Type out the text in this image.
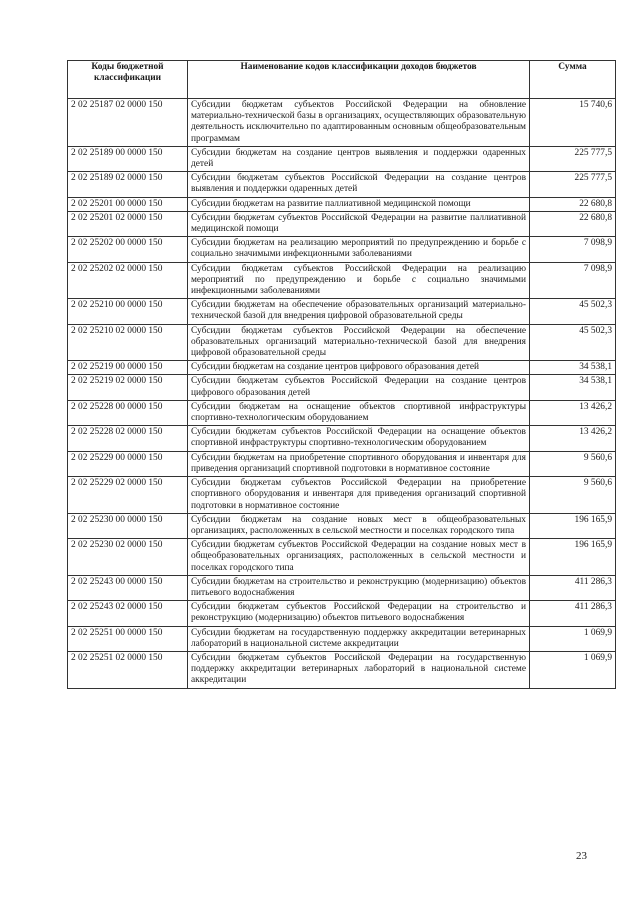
Коды бюджетной классификации	Наименование кодов классификации доходов бюджетов	Сумма
2 02 25187 02 0000 150	Субсидии бюджетам субъектов Российской Федерации на обновление материально-технической базы в организациях, осуществляющих образовательную деятельность исключительно по адаптированным основным общеобразовательным программам	15 740,6
2 02 25189 00 0000 150	Субсидии бюджетам на создание центров выявления и поддержки одаренных детей	225 777,5
2 02 25189 02 0000 150	Субсидии бюджетам субъектов Российской Федерации на создание центров выявления и поддержки одаренных детей	225 777,5
2 02 25201 00 0000 150	Субсидии бюджетам на развитие паллиативной медицинской помощи	22 680,8
2 02 25201 02 0000 150	Субсидии бюджетам субъектов Российской Федерации на развитие паллиативной медицинской помощи	22 680,8
2 02 25202 00 0000 150	Субсидии бюджетам на реализацию мероприятий по предупреждению и борьбе с социально значимыми инфекционными заболеваниями	7 098,9
2 02 25202 02 0000 150	Субсидии бюджетам субъектов Российской Федерации на реализацию мероприятий по предупреждению и борьбе с социально значимыми инфекционными заболеваниями	7 098,9
2 02 25210 00 0000 150	Субсидии бюджетам на обеспечение образовательных организаций материально-технической базой для внедрения цифровой образовательной среды	45 502,3
2 02 25210 02 0000 150	Субсидии бюджетам субъектов Российской Федерации на обеспечение образовательных организаций материально-технической базой для внедрения цифровой образовательной среды	45 502,3
2 02 25219 00 0000 150	Субсидии бюджетам на создание центров цифрового образования детей	34 538,1
2 02 25219 02 0000 150	Субсидии бюджетам субъектов Российской Федерации на создание центров цифрового образования детей	34 538,1
2 02 25228 00 0000 150	Субсидии бюджетам на оснащение объектов спортивной инфраструктуры спортивно-технологическим оборудованием	13 426,2
2 02 25228 02 0000 150	Субсидии бюджетам субъектов Российской Федерации на оснащение объектов спортивной инфраструктуры спортивно-технологическим оборудованием	13 426,2
2 02 25229 00 0000 150	Субсидии бюджетам на приобретение спортивного оборудования и инвентаря для приведения организаций спортивной подготовки в нормативное состояние	9 560,6
2 02 25229 02 0000 150	Субсидии бюджетам субъектов Российской Федерации на приобретение спортивного оборудования и инвентаря для приведения организаций спортивной подготовки в нормативное состояние	9 560,6
2 02 25230 00 0000 150	Субсидии бюджетам на создание новых мест в общеобразовательных организациях, расположенных в сельской местности и поселках городского типа	196 165,9
2 02 25230 02 0000 150	Субсидии бюджетам субъектов Российской Федерации на создание новых мест в общеобразовательных организациях, расположенных в сельской местности и поселках городского типа	196 165,9
2 02 25243 00 0000 150	Субсидии бюджетам на строительство и реконструкцию (модернизацию) объектов питьевого водоснабжения	411 286,3
2 02 25243 02 0000 150	Субсидии бюджетам субъектов Российской Федерации на строительство и реконструкцию (модернизацию) объектов питьевого водоснабжения	411 286,3
2 02 25251 00 0000 150	Субсидии бюджетам на государственную поддержку аккредитации ветеринарных лабораторий в национальной системе аккредитации	1 069,9
2 02 25251 02 0000 150	Субсидии бюджетам субъектов Российской Федерации на государственную поддержку аккредитации ветеринарных лабораторий в национальной системе аккредитации	1 069,9
23
